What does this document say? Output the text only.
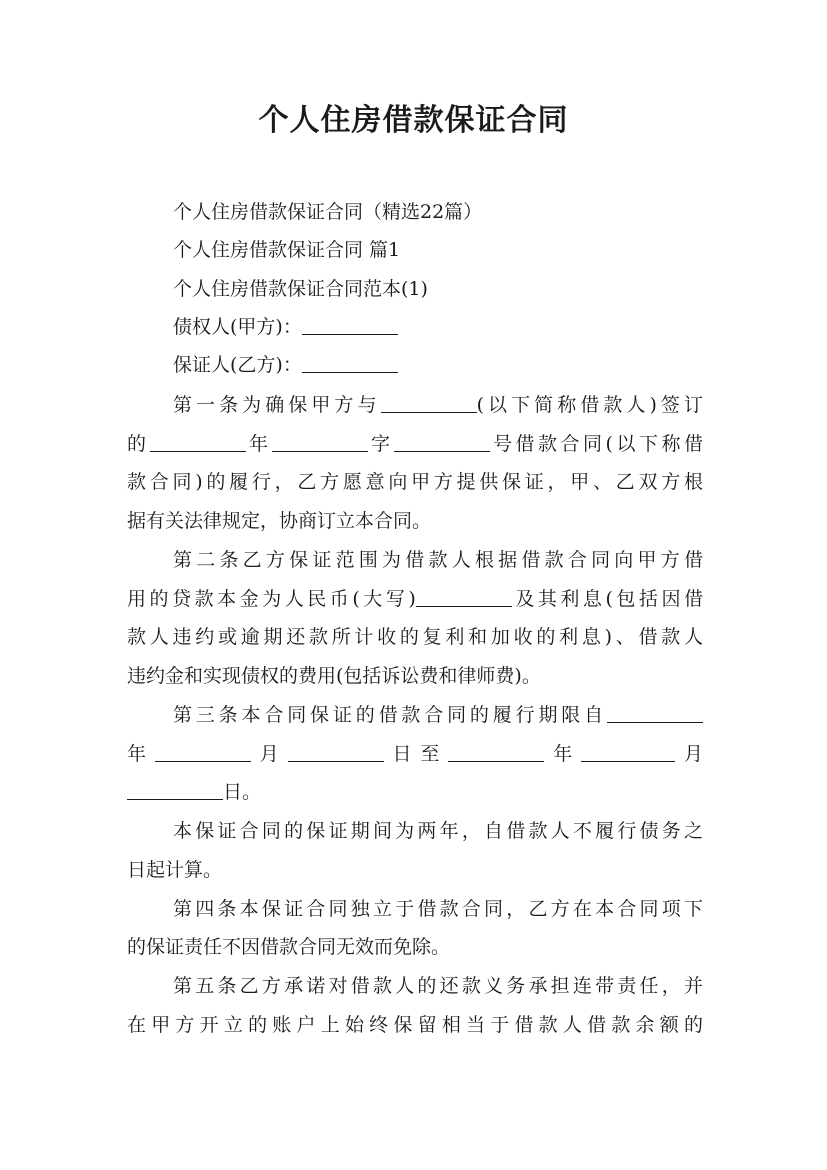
个人住房借款保证合同

个人住房借款保证合同（精选22篇）

个人住房借款保证合同 篇1

个人住房借款保证合同范本(1)

债权人(甲方)：

保证人(乙方)：

第一条为确保甲方与	(以下简称借款人)签订

的	年	字	号借款合同(以下称借

款合同)的履行，乙方愿意向甲方提供保证，甲、乙双方根

据有关法律规定，协商订立本合同。

第二条乙方保证范围为借款人根据借款合同向甲方借

用的贷款本金为人民币(大写)	及其利息(包括因借

款人违约或逾期还款所计收的复利和加收的利息)、借款人

违约金和实现债权的费用(包括诉讼费和律师费)。

第三条本合同保证的借款合同的履行期限自

年	月	日至	年	月

日。

本保证合同的保证期间为两年，自借款人不履行债务之

日起计算。

第四条本保证合同独立于借款合同，乙方在本合同项下

的保证责任不因借款合同无效而免除。

第五条乙方承诺对借款人的还款义务承担连带责任，并

在甲方开立的账户上始终保留相当于借款人借款余额的
